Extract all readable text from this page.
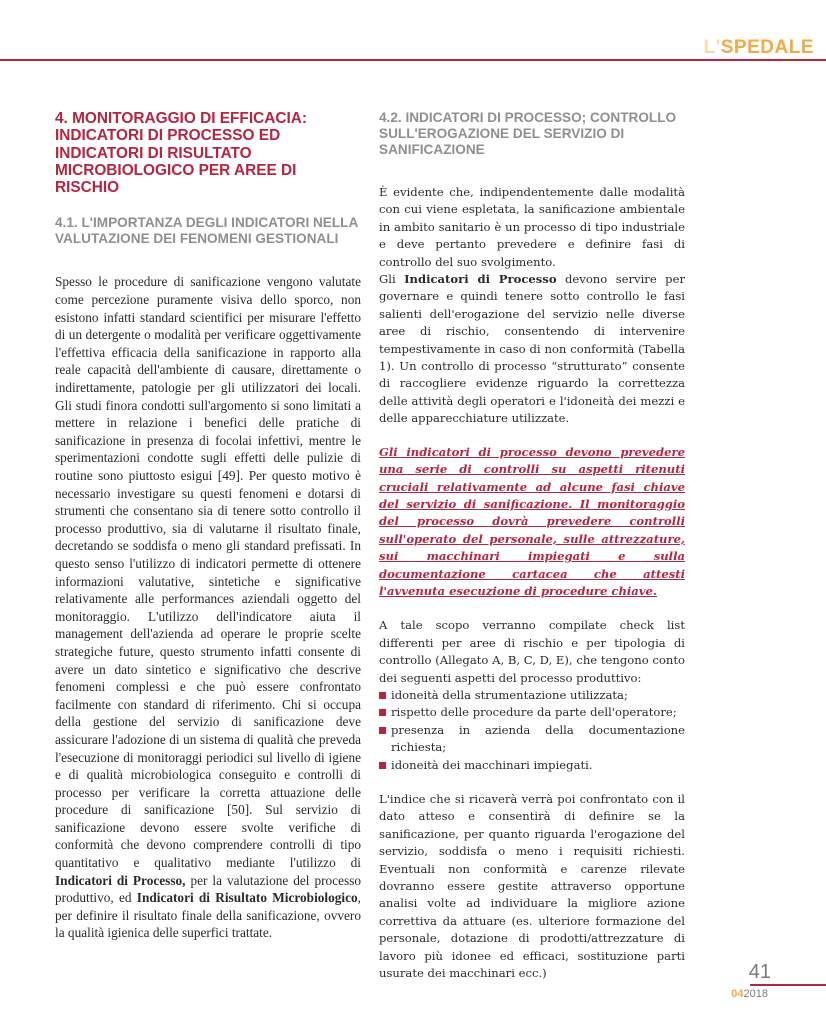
L'SPEDALE
4. MONITORAGGIO DI EFFICACIA: INDICATORI DI PROCESSO ED INDICATORI DI RISULTATO MICROBIOLOGICO PER AREE DI RISCHIO
4.1. L'IMPORTANZA DEGLI INDICATORI NELLA VALUTAZIONE DEI FENOMENI GESTIONALI

Spesso le procedure di sanificazione vengono valutate come percezione puramente visiva dello sporco, non esistono infatti standard scientifici per misurare l'effetto di un detergente o modalità per verificare oggettivamente l'effettiva efficacia della sanificazione in rapporto alla reale capacità dell'ambiente di causare, direttamente o indirettamente, patologie per gli utilizzatori dei locali. Gli studi finora condotti sull'argomento si sono limitati a mettere in relazione i benefici delle pratiche di sanificazione in presenza di focolai infettivi, mentre le sperimentazioni condotte sugli effetti delle pulizie di routine sono piuttosto esigui [49]. Per questo motivo è necessario investigare su questi fenomeni e dotarsi di strumenti che consentano sia di tenere sotto controllo il processo produttivo, sia di valutarne il risultato finale, decretando se soddisfa o meno gli standard prefissati. In questo senso l'utilizzo di indicatori permette di ottenere informazioni valutative, sintetiche e significative relativamente alle performances aziendali oggetto del monitoraggio. L'utilizzo dell'indicatore aiuta il management dell'azienda ad operare le proprie scelte strategiche future, questo strumento infatti consente di avere un dato sintetico e significativo che descrive fenomeni complessi e che può essere confrontato facilmente con standard di riferimento. Chi si occupa della gestione del servizio di sanificazione deve assicurare l'adozione di un sistema di qualità che preveda l'esecuzione di monitoraggi periodici sul livello di igiene e di qualità microbiologica conseguito e controlli di processo per verificare la corretta attuazione delle procedure di sanificazione [50]. Sul servizio di sanificazione devono essere svolte verifiche di conformità che devono comprendere controlli di tipo quantitativo e qualitativo mediante l'utilizzo di Indicatori di Processo, per la valutazione del processo produttivo, ed Indicatori di Risultato Microbiologico, per definire il risultato finale della sanificazione, ovvero la qualità igienica delle superfici trattate.

4.2. INDICATORI DI PROCESSO; CONTROLLO SULL'EROGAZIONE DEL SERVIZIO DI SANIFICAZIONE

È evidente che, indipendentemente dalle modalità con cui viene espletata, la sanificazione ambientale in ambito sanitario è un processo di tipo industriale e deve pertanto prevedere e definire fasi di controllo del suo svolgimento.

Gli Indicatori di Processo devono servire per governare e quindi tenere sotto controllo le fasi salienti dell'erogazione del servizio nelle diverse aree di rischio, consentendo di intervenire tempestivamente in caso di non conformità (Tabella 1). Un controllo di processo “strutturato” consente di raccogliere evidenze riguardo la correttezza delle attività degli operatori e l'idoneità dei mezzi e delle apparecchiature utilizzate.

Gli indicatori di processo devono prevedere una serie di controlli su aspetti ritenuti cruciali relativamente ad alcune fasi chiave del servizio di sanificazione. Il monitoraggio del processo dovrà prevedere controlli sull'operato del personale, sulle attrezzature, sui macchinari impiegati e sulla documentazione cartacea che attesti l'avvenuta esecuzione di procedure chiave.

A tale scopo verranno compilate check list differenti per aree di rischio e per tipologia di controllo (Allegato A, B, C, D, E), che tengono conto dei seguenti aspetti del processo produttivo:

idoneità della strumentazione utilizzata;
rispetto delle procedure da parte dell'operatore;
presenza in azienda della documentazione richiesta;
idoneità dei macchinari impiegati.

L'indice che si ricaverà verrà poi confrontato con il dato atteso e consentirà di definire se la sanificazione, per quanto riguarda l'erogazione del servizio, soddisfa o meno i requisiti richiesti. Eventuali non conformità e carenze rilevate dovranno essere gestite attraverso opportune analisi volte ad individuare la migliore azione correttiva da attuare (es. ulteriore formazione del personale, dotazione di prodotti/attrezzature di lavoro più idonee ed efficaci, sostituzione parti usurate dei macchinari ecc.)	41
042018
